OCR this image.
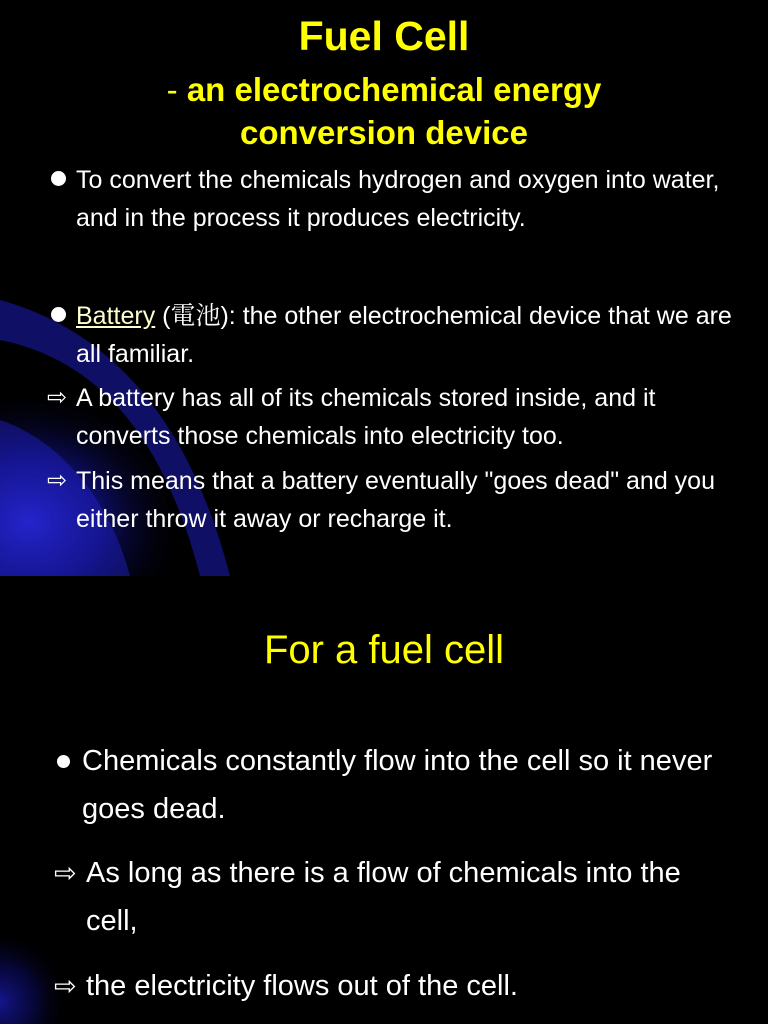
Fuel Cell
- an electrochemical energy
conversion device
To convert the chemicals hydrogen and oxygen into water, and in the process it produces electricity.
Battery (電池): the other electrochemical device that we are all familiar.
⇨ A battery has all of its chemicals stored inside, and it converts those chemicals into electricity too.
⇨ This means that a battery eventually "goes dead" and you either throw it away or recharge it.
For a fuel cell
Chemicals constantly flow into the cell so it never goes dead.
⇨ As long as there is a flow of chemicals into the cell,
⇨ the electricity flows out of the cell.
